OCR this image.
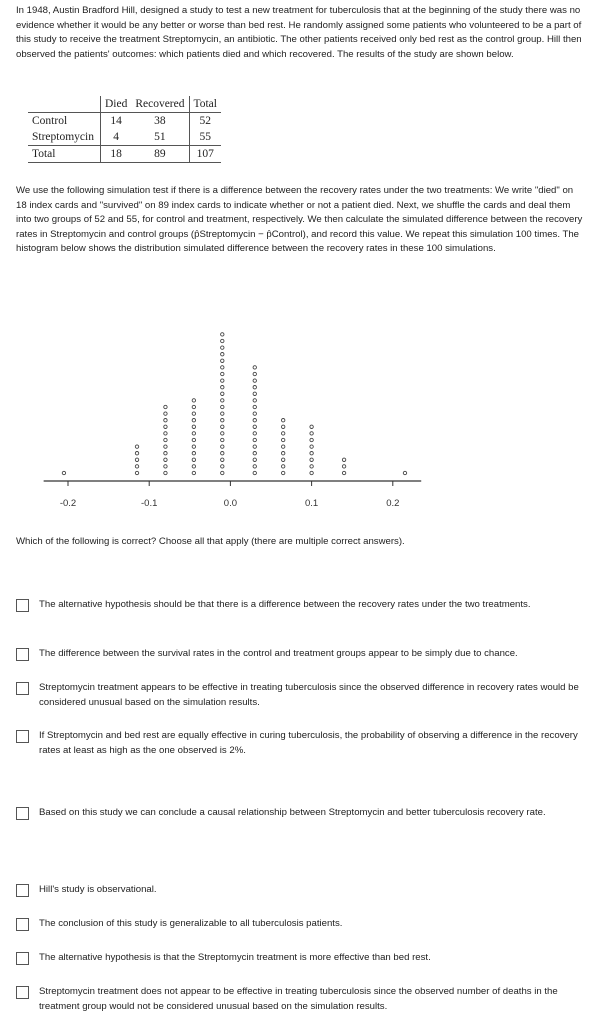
In 1948, Austin Bradford Hill, designed a study to test a new treatment for tuberculosis that at the beginning of the study there was no evidence whether it would be any better or worse than bed rest. He randomly assigned some patients who volunteered to be a part of this study to receive the treatment Streptomycin, an antibiotic. The other patients received only bed rest as the control group. Hill then observed the patients' outcomes: which patients died and which recovered. The results of the study are shown below.

	Died	Recovered	Total
Control	14	38	52
Streptomycin	4	51	55
Total	18	89	107

We use the following simulation test if there is a difference between the recovery rates under the two treatments: We write "died" on 18 index cards and "survived" on 89 index cards to indicate whether or not a patient died. Next, we shuffle the cards and deal them into two groups of 52 and 55, for control and treatment, respectively. We then calculate the simulated difference between the recovery rates in Streptomycin and control groups (p̂Streptomycin − p̂Control), and record this value. We repeat this simulation 100 times. The histogram below shows the distribution simulated difference between the recovery rates in these 100 simulations.

-0.2	-0.1	0.0	0.1	0.2

Which of the following is correct? Choose all that apply (there are multiple correct answers).

The alternative hypothesis should be that there is a difference between the recovery rates under the two treatments.
The difference between the survival rates in the control and treatment groups appear to be simply due to chance.
Streptomycin treatment appears to be effective in treating tuberculosis since the observed difference in recovery rates would be considered unusual based on the simulation results.
If Streptomycin and bed rest are equally effective in curing tuberculosis, the probability of observing a difference in the recovery rates at least as high as the one observed is 2%.
Based on this study we can conclude a causal relationship between Streptomycin and better tuberculosis recovery rate.
Hill's study is observational.
The conclusion of this study is generalizable to all tuberculosis patients.
The alternative hypothesis is that the Streptomycin treatment is more effective than bed rest.
Streptomycin treatment does not appear to be effective in treating tuberculosis since the observed number of deaths in the treatment group would not be considered unusual based on the simulation results.
